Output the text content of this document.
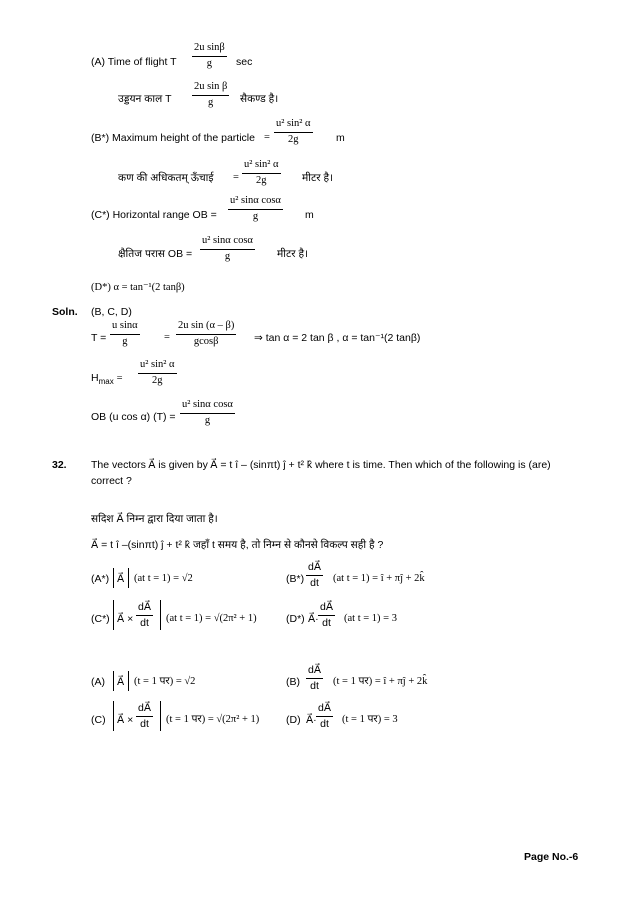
(A) Time of flight T $\frac{\text{2u sinβ}}{g}$ sec
उड्डयन काल T $\frac{\text{2u sin β}}{g}$ सैकण्ड है।
(B*) Maximum height of the particle = $\frac{\text{u² sin² α}}{2g}$ m
कण की अधिकतम् ऊँचाई = $\frac{\text{u² sin² α}}{2g}$ मीटर है।
(C*) Horizontal range OB = $\frac{\text{u² sinα cosα}}{g}$ m
क्षैतिज परास OB = $\frac{\text{u² sinα cosα}}{g}$ मीटर है।
(D*) α = tan⁻¹(2 tanβ)
Soln. (B, C, D)
$T = \frac{\text{u sinα}}{g} = \frac{\text{2u sin (α – β)}}{gcos\beta}$ ⇒ tan α = 2 tan β , α = tan⁻¹(2 tanβ)
$H_{max} = \frac{\text{u² sin² α}}{2g}$
OB (u cos α) $(T) = \frac{\text{u² sinα cosα}}{g}$
32. The vectors A⃗ is given by A⃗ = t î – (sinπt) ĵ + t² k̂ where t is time. Then which of the following is (are)
correct ?
सदिश A⃗ निम्न द्वारा दिया जाता है।
A⃗ = t î –(sinπt) ĵ + t² k̂ जहाँ t समय है, तो निम्न से कौनसे विकल्प सही है ?
(A*) A⃗ (at t = 1) = √2	$(B*) \frac{dA⃗}{dt} (at$ t = 1) = î + πĵ + 2k̂
(C*) A⃗ × $\frac{dA⃗}{dt} (at$ t = 1) = √(2π² + 1)	(D*) A⃗· $\frac{dA⃗}{dt} (at$ t = 1) = 3
(A) A⃗ (t = 1 पर) = √2	$(B) \frac{dA⃗}{dt} (t = 1$ पर) = î + πĵ + 2k̂
(C) A⃗ × $\frac{dA⃗}{dt} (t = 1$ पर) = √(2π² + 1)	(D) A⃗· $\frac{dA⃗}{dt} (t = 1$ पर) = 3
Page No.-6
